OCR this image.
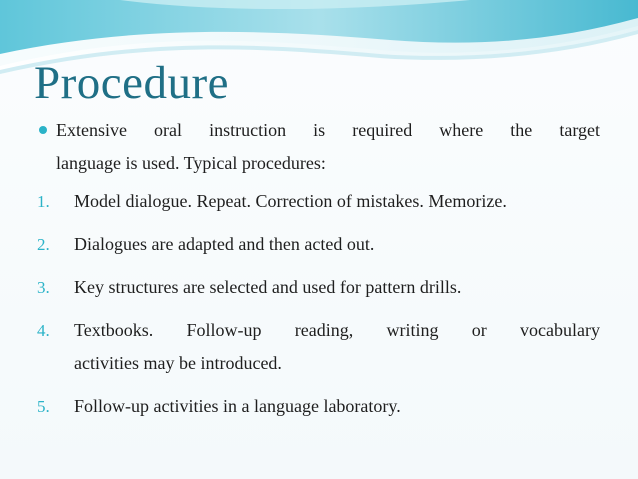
Procedure
Extensive oral instruction is required where the target
language is used. Typical procedures:
1. Model dialogue. Repeat. Correction of mistakes. Memorize.
2. Dialogues are adapted and then acted out.
3. Key structures are selected and used for pattern drills.
4. Textbooks. Follow-up reading, writing or vocabulary
activities may be introduced.
5. Follow-up activities in a language laboratory.
